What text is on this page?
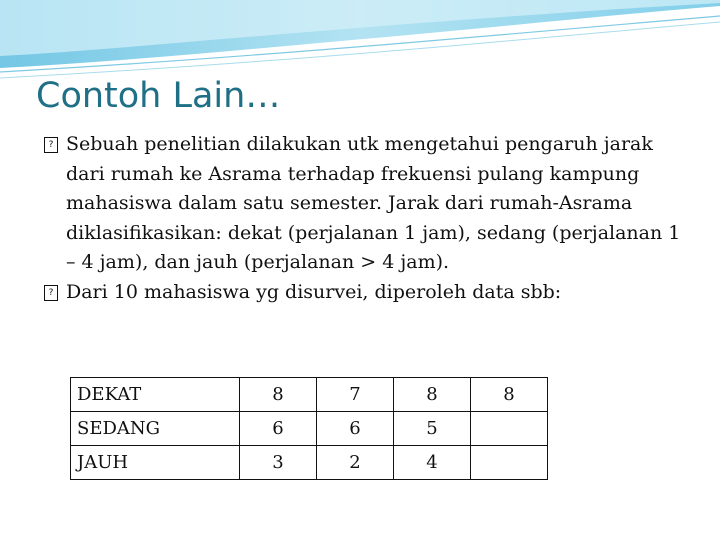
Contoh Lain…
? Sebuah penelitian dilakukan utk mengetahui pengaruh jarak dari rumah ke Asrama terhadap frekuensi pulang kampung mahasiswa dalam satu semester. Jarak dari rumah-Asrama diklasifikasikan: dekat (perjalanan 1 jam), sedang (perjalanan 1 – 4 jam), dan jauh (perjalanan > 4 jam).
? Dari 10 mahasiswa yg disurvei, diperoleh data sbb:
DEKAT	8	7	8	8
SEDANG	6	6	5	
JAUH	3	2	4	
